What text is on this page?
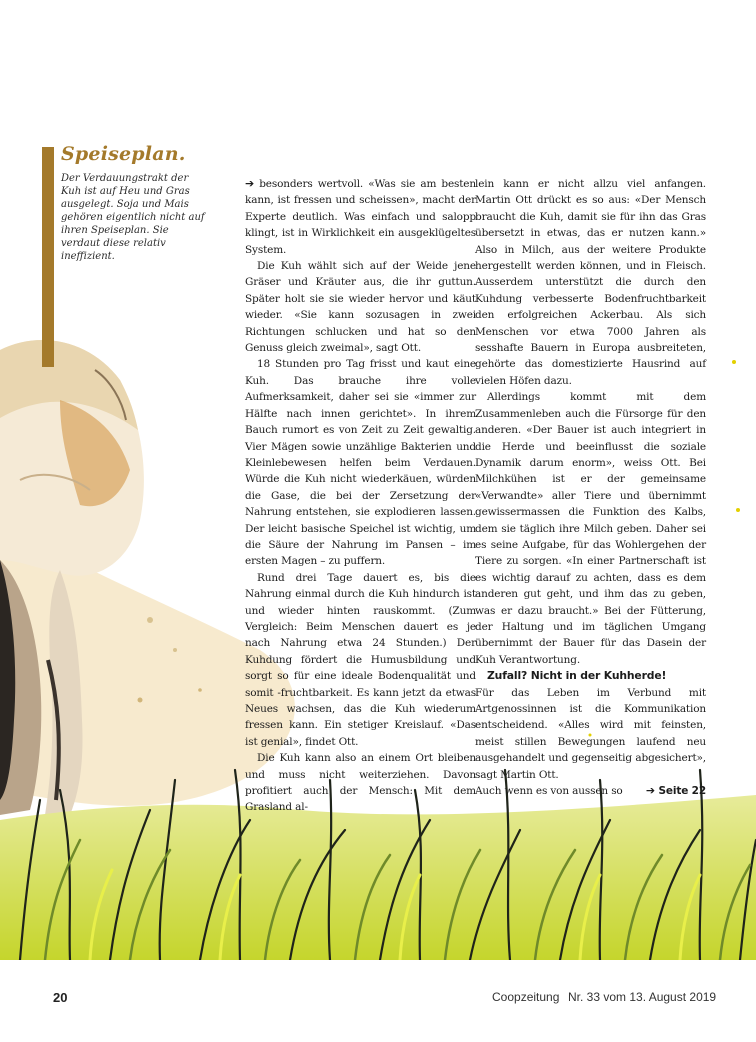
Speiseplan.

Der Verdauungstrakt der Kuh ist auf Heu und Gras ausgelegt. Soja und Mais gehören eigentlich nicht auf ihren Speiseplan. Sie verdaut diese relativ ineffizient.

➔ besonders wertvoll. «Was sie am besten kann, ist fressen und scheissen», macht der Experte deutlich. Was einfach und salopp klingt, ist in Wirklichkeit ein ausgeklügeltes System.

Die Kuh wählt sich auf der Weide jene Gräser und Kräuter aus, die ihr guttun. Später holt sie sie wieder hervor und käut wieder. «Sie kann sozusagen in zwei Richtungen schlucken und hat so den Genuss gleich zweimal», sagt Ott.

18 Stunden pro Tag frisst und kaut eine Kuh. Das brauche ihre volle Aufmerksamkeit, daher sei sie «immer zur Hälfte nach innen gerichtet». In ihrem Bauch rumort es von Zeit zu Zeit gewaltig. Vier Mägen sowie unzählige Bakterien und Kleinlebewesen helfen beim Verdauen. Würde die Kuh nicht wiederkäuen, würden die Gase, die bei der Zersetzung der Nahrung entstehen, sie explodieren lassen. Der leicht basische Speichel ist wichtig, um die Säure der Nahrung im Pansen – im ersten Magen – zu puffern.

Rund drei Tage dauert es, bis die Nahrung einmal durch die Kuh hindurch ist und wieder hinten rauskommt. (Zum Vergleich: Beim Menschen dauert es je nach Nahrung etwa 24 Stunden.) Der Kuhdung fördert die Humusbildung und sorgt so für eine ideale Bodenqualität und somit -fruchtbarkeit. Es kann jetzt da etwas Neues wachsen, das die Kuh wiederum fressen kann. Ein stetiger Kreislauf. «Das ist genial», findet Ott.

Die Kuh kann also an einem Ort bleiben und muss nicht weiterziehen. Davon profitiert auch der Mensch: Mit dem Grasland al-

lein kann er nicht allzu viel anfangen. Martin Ott drückt es so aus: «Der Mensch braucht die Kuh, damit sie für ihn das Gras übersetzt in etwas, das er nutzen kann.» Also in Milch, aus der weitere Produkte hergestellt werden können, und in Fleisch. Ausserdem unterstützt die durch den Kuhdung verbesserte Bodenfruchtbarkeit den erfolgreichen Ackerbau. Als sich Menschen vor etwa 7000 Jahren als sesshafte Bauern in Europa ausbreiteten, gehörte das domestizierte Hausrind auf vielen Höfen dazu.

Allerdings kommt mit dem Zusammenleben auch die Fürsorge für den anderen. «Der Bauer ist auch integriert in die Herde und beeinflusst die soziale Dynamik darum enorm», weiss Ott. Bei Milchkühen ist er der gemeinsame «Verwandte» aller Tiere und übernimmt gewissermassen die Funktion des Kalbs, dem sie täglich ihre Milch geben. Daher sei es seine Aufgabe, für das Wohlergehen der Tiere zu sorgen. «In einer Partnerschaft ist es wichtig darauf zu achten, dass es dem anderen gut geht, und ihm das zu geben, was er dazu braucht.» Bei der Fütterung, der Haltung und im täglichen Umgang übernimmt der Bauer für das Dasein der Kuh Verantwortung.

Zufall? Nicht in der Kuhherde!

Für das Leben im Verbund mit Artgenossinnen ist die Kommunikation entscheidend. «Alles wird mit feinsten, meist stillen Bewegungen laufend neu ausgehandelt und gegenseitig abgesichert», sagt Martin Ott.

Auch wenn es von aussen so ➔ Seite 22
20	Coopzeitung Nr. 33 vom 13. August 2019
